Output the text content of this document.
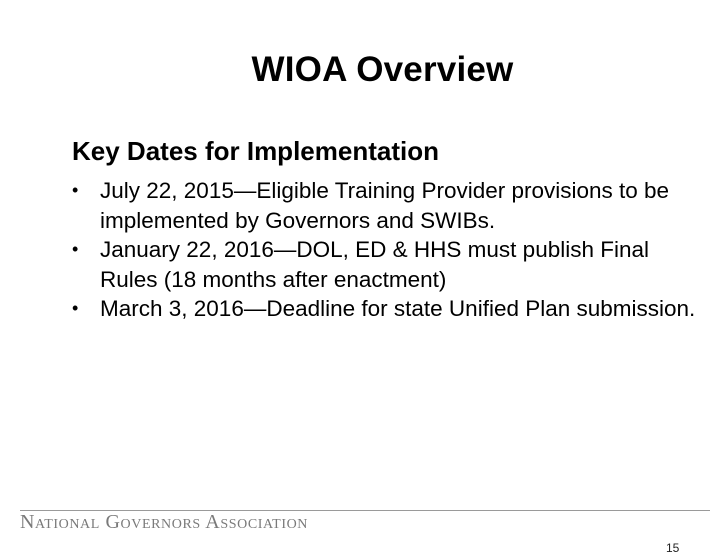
WIOA Overview
Key Dates for Implementation
• July 22, 2015—Eligible Training Provider provisions to be implemented by Governors and SWIBs.
• January 22, 2016—DOL, ED & HHS must publish Final Rules (18 months after enactment)
• March 3, 2016—Deadline for state Unified Plan submission.
National Governors Association
15
